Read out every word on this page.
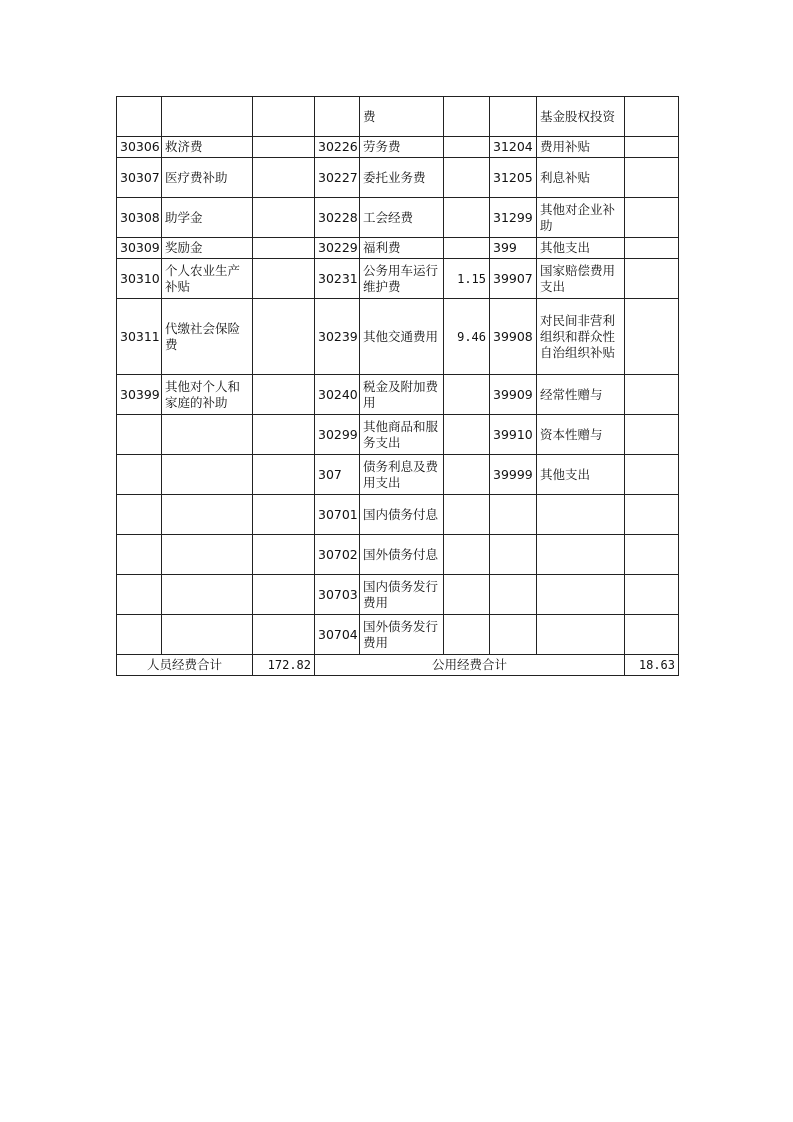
				费			基金股权投资	
30306	救济费		30226	劳务费		31204	费用补贴	
30307	医疗费补助		30227	委托业务费		31205	利息补贴	
30308	助学金		30228	工会经费		31299	其他对企业补助	
30309	奖励金		30229	福利费		399	其他支出	
30310	个人农业生产补贴		30231	公务用车运行维护费	1.15	39907	国家赔偿费用支出	
30311	代缴社会保险费		30239	其他交通费用	9.46	39908	对民间非营利组织和群众性自治组织补贴	
30399	其他对个人和家庭的补助		30240	税金及附加费用		39909	经常性赠与	
			30299	其他商品和服务支出		39910	资本性赠与	
			307	债务利息及费用支出		39999	其他支出	
			30701	国内债务付息				
			30702	国外债务付息				
			30703	国内债务发行费用				
			30704	国外债务发行费用				
人员经费合计		172.82	公用经费合计					18.63
